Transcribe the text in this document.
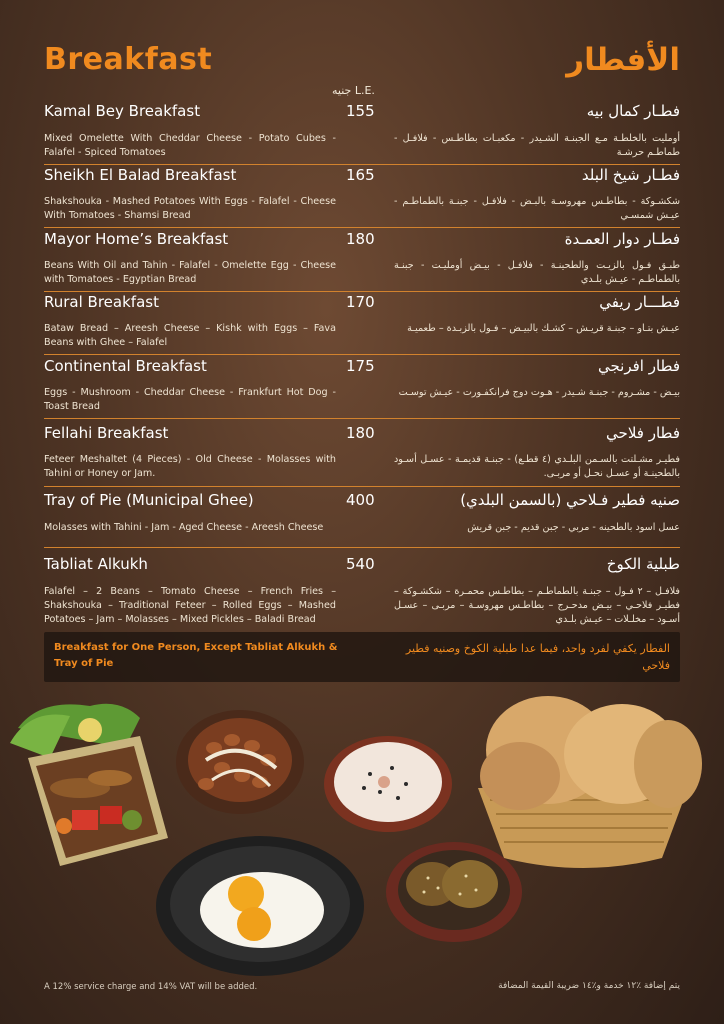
Breakfast	الأفطار
جنيه L.E.
Kamal Bey Breakfast	155	فطـار كمال بيه
Mixed Omelette With Cheddar Cheese - Potato Cubes - Falafel - Spiced Tomatoes
أومليت بالخلطـة مـع الجبنـة الشـيدر - مكعبـات بطاطـس - فلافـل - طماطـم حرشـة
Sheikh El Balad Breakfast	165	فطـار شيخ البلد
Shakshouka - Mashed Potatoes With Eggs - Falafel - Cheese With Tomatoes - Shamsi Bread
شكشـوكة - بطاطـس مهروسـة بالبـض - فلافـل - جبنـة بالطماطـم - عيـش شمسـي
Mayor Home’s Breakfast	180	فطـار دوار العمـدة
Beans With Oil and Tahin - Falafel - Omelette Egg - Cheese with Tomatoes - Egyptian Bread
طبـق فـول بالزيـت والطحينـة - فلافـل - بيـض أومليـت - جبنـة بالطماطـم - عيـش بلـدي
Rural Breakfast	170	فطـــار ريفي
Bataw Bread – Areesh Cheese – Kishk with Eggs – Fava Beans with Ghee – Falafel
عيـش بتـاو – جبنـة قريـش – كشـك بالبيـض – فـول بالزبـدة – طعميـة
Continental Breakfast	175	فطار افرنجي
Eggs - Mushroom - Cheddar Cheese - Frankfurt Hot Dog - Toast Bread
بيـض - مشـروم - جبنـة شـيدر - هـوت دوج فرانكفـورت - عيـش توسـت
Fellahi Breakfast	180	فطار فلاحي
Feteer Meshaltet (4 Pieces) - Old Cheese - Molasses with Tahini or Honey or Jam.
فطيـر مشـلتت بالسـمن البلـدي (٤ قطـع) - جبنـة قديمـة - عسـل أسـود بالطحينـة أو عسـل نحـل أو مربـى.
Tray of Pie (Municipal Ghee)	400	صنيه فطير فـلاحي (بالسمن البلدي)
Molasses with Tahini - Jam - Aged Cheese - Areesh Cheese	عسل اسود بالطحينه - مربي - جبن قديم - جبن قريش
Tabliat Alkukh	540	طبلية الكوخ
Falafel – 2 Beans – Tomato Cheese – French Fries – Shakshouka – Traditional Feteer – Rolled Eggs – Mashed Potatoes – Jam – Molasses – Mixed Pickles – Baladi Bread
فلافـل – ٢ فـول – جبنـة بالطماطـم – بطاطـس محمـرة – شكشـوكة – فطيـر فلاحـي – بيـض مدحـرج – بطاطـس مهروسـة – مربـى – عسـل أسـود – مخلـلات – عيـش بلـدي
Breakfast for One Person, Except Tabliat Alkukh & Tray of Pie
الفطار يكفي لفرد واحد، فيما عدا طبلية الكوخ وصنيه فطير فلاحي
A 12% service charge and 14% VAT will be added.	يتم إضافة ٪١٢ خدمة و٪١٤ ضريبة القيمة المضافة
